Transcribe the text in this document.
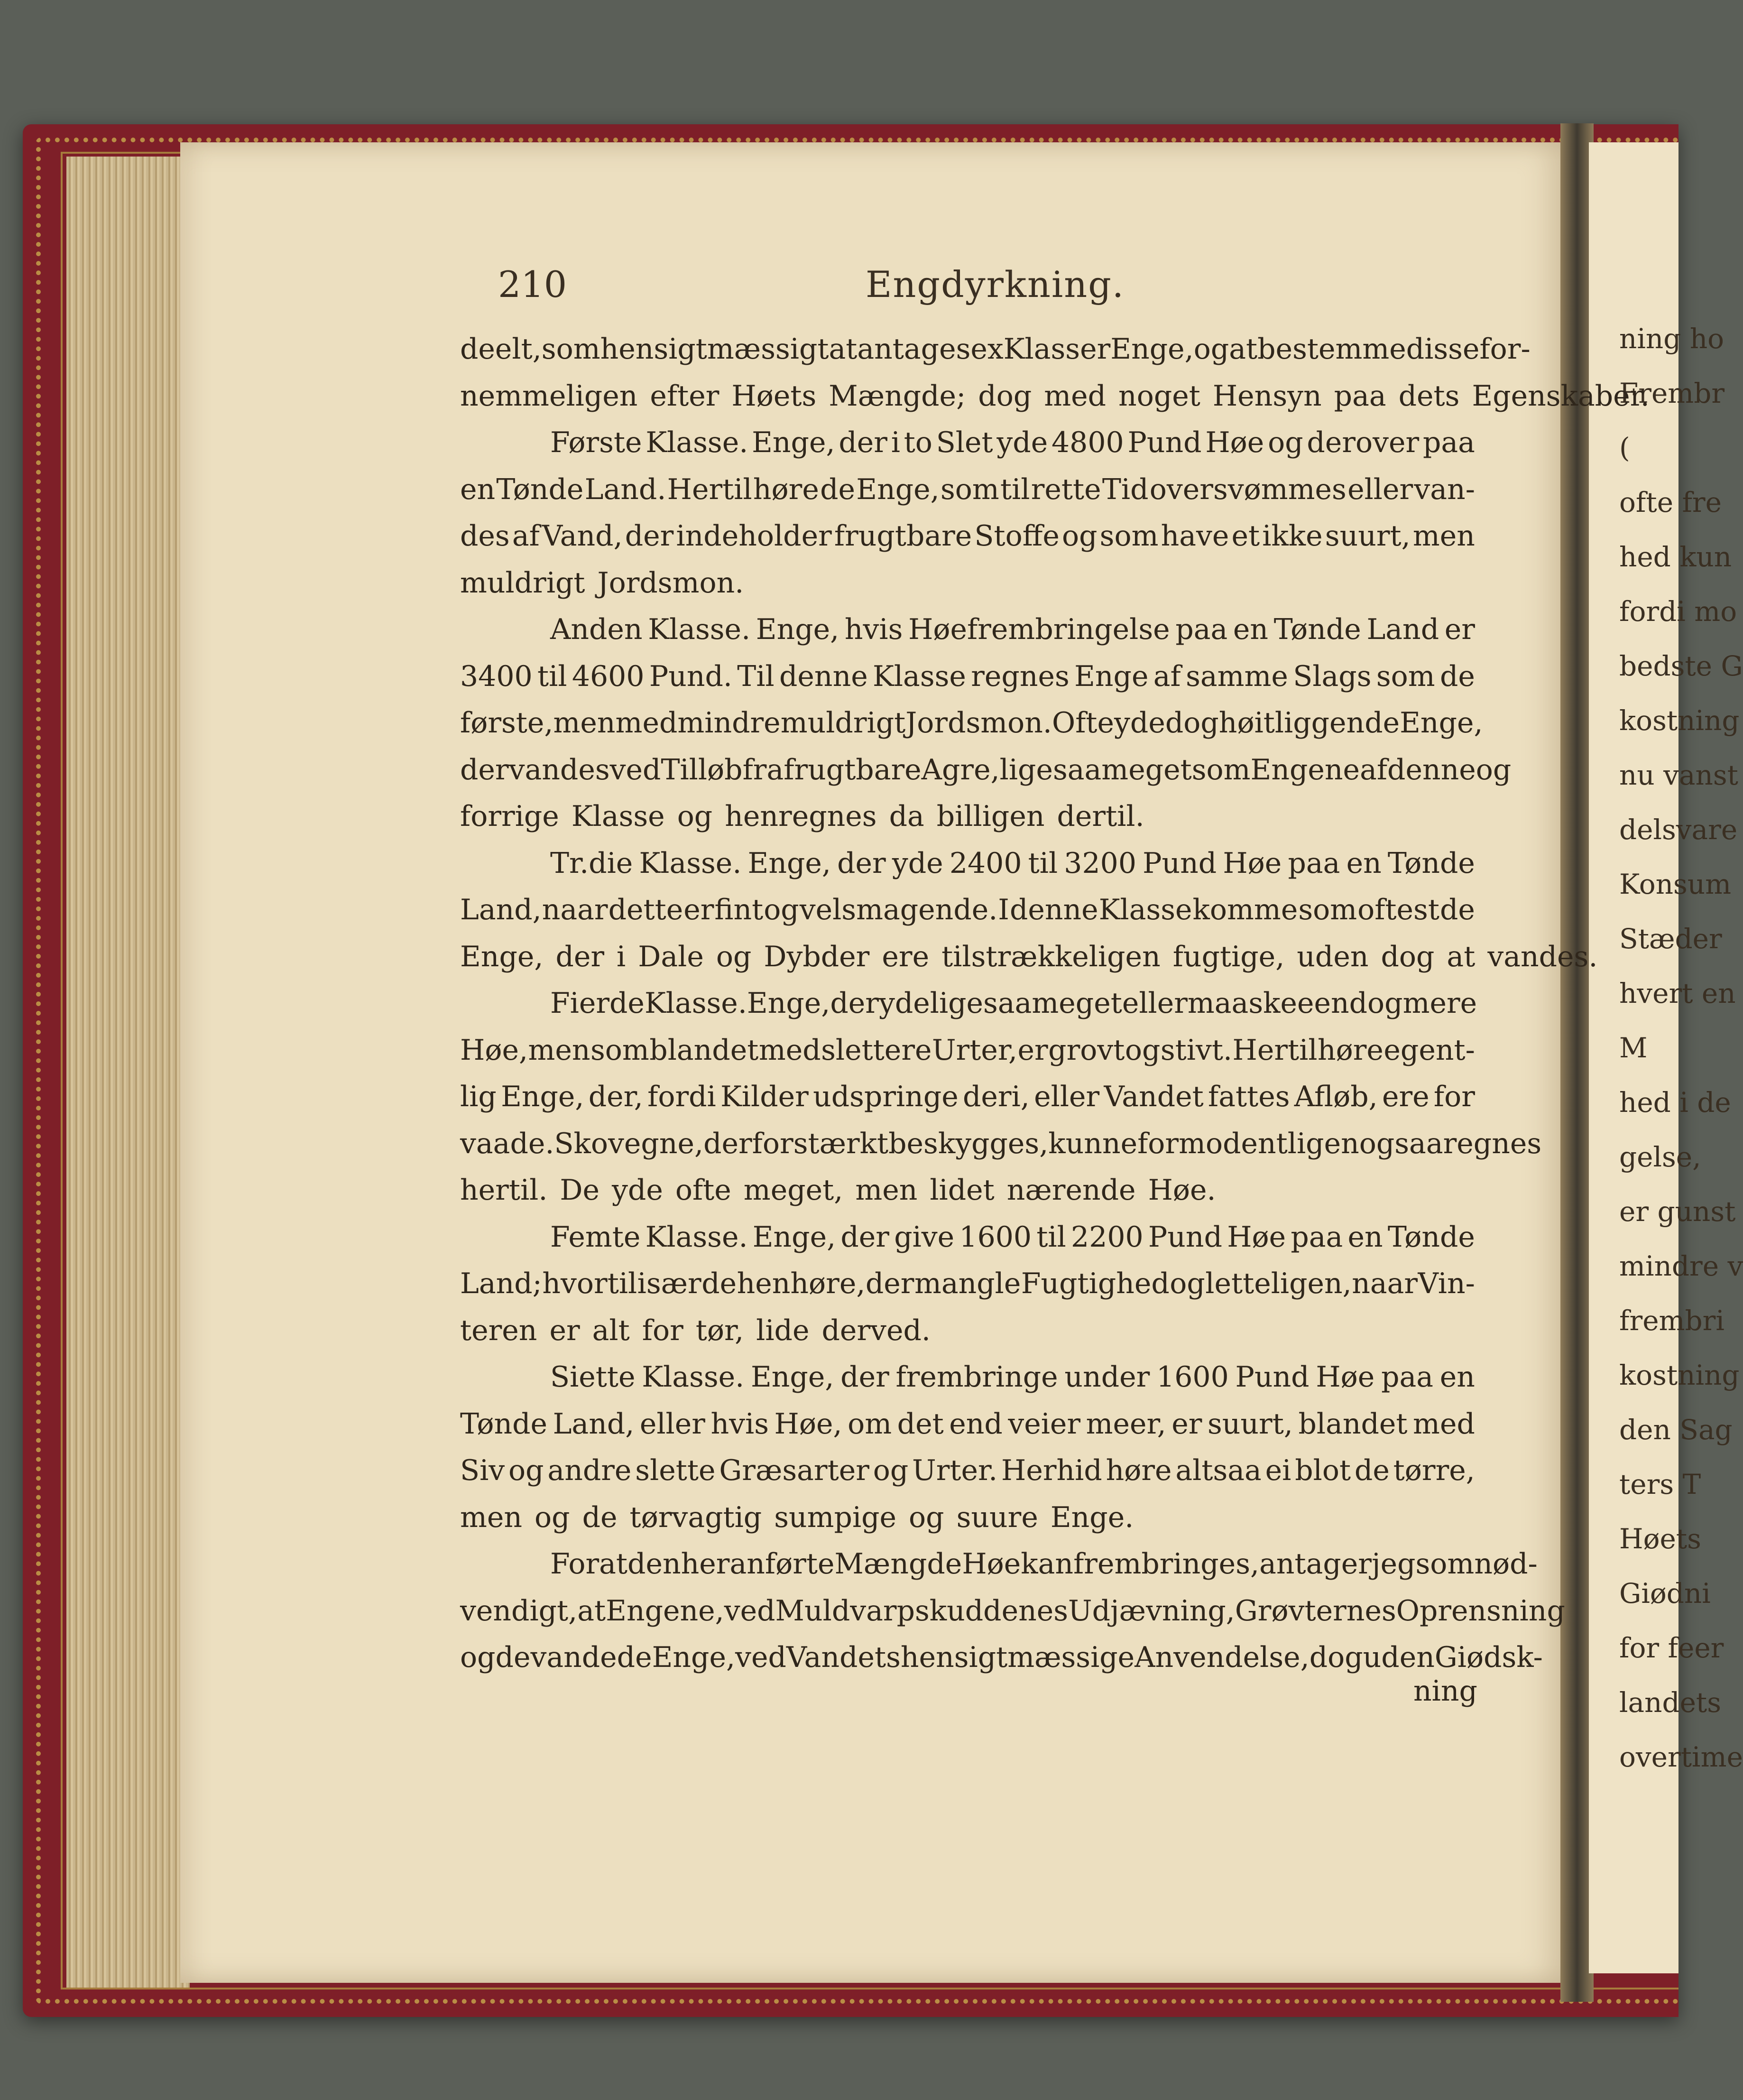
ning ho
Frembr
(
ofte fre
hed kun
fordi mo
bedste G
kostning
nu vanst
delsvare
Konsum
Stæder
hvert en
M
hed i de
gelse,
er gunst
mindre v
frembri
kostning
den Sag
ters T
Høets
Giødni
for feer
landets
overtime
210	Engdyrkning.
deelt, som hensigtmæssigt at antage sex Klasser Enge, og at bestemme disse for-
nemmeligen efter Høets Mængde; dog med noget Hensyn paa dets Egenskaber.
Første Klasse. Enge, der i to Slet yde 4800 Pund Høe og derover paa
en Tønde Land. Hertil høre de Enge, som til rette Tid oversvømmes eller van-
des af Vand, der indeholder frugtbare Stoffe og som have et ikke suurt, men
muldrigt Jordsmon.
Anden Klasse. Enge, hvis Høefrembringelse paa en Tønde Land er
3400 til 4600 Pund. Til denne Klasse regnes Enge af samme Slags som de
første, men med mindre muldrigt Jordsmon. Ofte yde dog høitliggende Enge,
der vandes ved Tilløb fra frugtbare Agre, ligesaameget som Engene af denne og
forrige Klasse og henregnes da billigen dertil.
Tr.die Klasse. Enge, der yde 2400 til 3200 Pund Høe paa en Tønde
Land, naar dette er fint og velsmagende. I denne Klasse komme som oftest de
Enge, der i Dale og Dybder ere tilstrækkeligen fugtige, uden dog at vandes.
Fierde Klasse. Enge, der yde ligesaameget eller maaskee endog mere
Høe, men som blandet med slettere Urter, er grovt og stivt. Hertil høre egent-
lig Enge, der, fordi Kilder udspringe deri, eller Vandet fattes Afløb, ere for
vaade. Skovegne, der for stærkt beskygges, kunne formodentligen ogsaa regnes
hertil. De yde ofte meget, men lidet nærende Høe.
Femte Klasse. Enge, der give 1600 til 2200 Pund Høe paa en Tønde
Land; hvortil især de henhøre, der mangle Fugtighed og letteligen, naar Vin-
teren er alt for tør, lide derved.
Siette Klasse. Enge, der frembringe under 1600 Pund Høe paa en
Tønde Land, eller hvis Høe, om det end veier meer, er suurt, blandet med
Siv og andre slette Græsarter og Urter. Herhid høre altsaa ei blot de tørre,
men og de tørvagtig sumpige og suure Enge.
For at den her anførte Mængde Høe kan frembringes, antager jeg som nød-
vendigt, at Engene, ved Muldvarpskuddenes Udjævning, Grøvternes Oprensning
og de vandede Enge, ved Vandets hensigtmæssige Anvendelse, dog uden Giødsk-
ning
